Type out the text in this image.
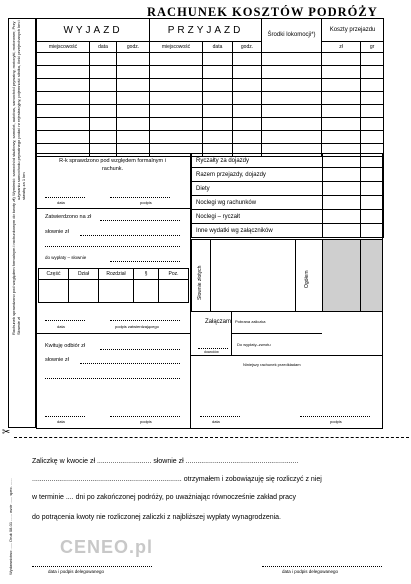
RACHUNEK KOSZTÓW PODRÓŻY
*) Wymienić: samochód służbowy, samolot, autobus, samochód prywatny, motocykl, motorower, Przy używaniu samochodu prywatnego podać nr rejestracyjny, pojemność silnika, ilość przejechanych km i stawkę za 1 km
Rachunek sprawdzono pod względem formalnym i rachunkowym do kwoty zł. Słownie zł
WYJAZD			PRZYJAZD			Środki lokomocji*)	Koszty przejazdu	
miejscowość	data	godz.	miejscowość	data	godz.		zł	gr

R-k sprawdzono pod względem formalnym i rachunk.
data	podpis
Zatwierdzono na zł
słownie zł
do wypłaty – słownie
Część	Dział	Rozdział	§	Poz.

data	podpis zatwierdzającego
Kwituję odbiór zł
słownie zł
data	podpis
Ryczałty za dojazdy		
Razem przejazdy, dojazdy		
Diety		
Noclegi wg rachunków		
Noclegi – ryczałt		
Inne wydatki wg załączników		
Słownie złotych	Ogółem
Załączam
dowodów
Pobrana zaliczka
Do wypłaty–zwrotu
Niniejszy rachunek przedkładam
data	podpis
✂
Wydawnictwo ...... Druk 08-01 ...... wzór ...... spec. ......
Zaliczkę w kwocie zł ............................ słownie zł ..........................................................
............................................................................. otrzymałem i zobowiązuję się rozliczyć z niej
w terminie .... dni po zakończonej podróży, po uważniając równocześnie zakład pracy
do potrącenia kwoty nie rozliczonej zaliczki z najbliższej wypłaty wynagrodzenia.
CENEO.pl
data i podpis delegowanego	data i podpis delegowanego
